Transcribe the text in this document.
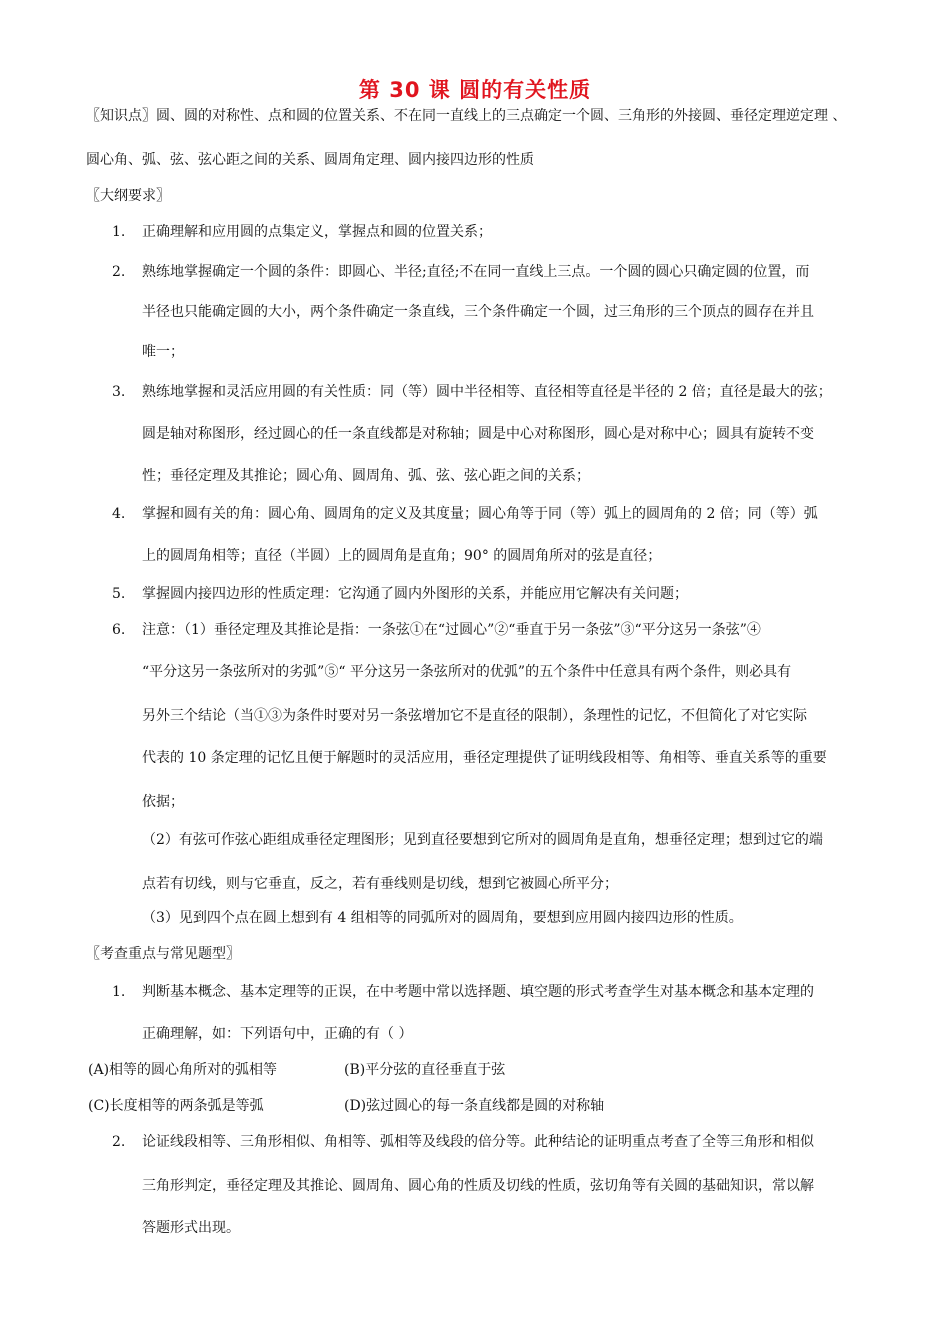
第 30 课 圆的有关性质
〖知识点〗圆、圆的对称性、点和圆的位置关系、不在同一直线上的三点确定一个圆、三角形的外接圆、垂径定理逆定理 、
圆心角、弧、弦、弦心距之间的关系、圆周角定理、圆内接四边形的性质
〖大纲要求〗
1.	正确理解和应用圆的点集定义，掌握点和圆的位置关系；
2.	熟练地掌握确定一个圆的条件：即圆心、半径;直径;不在同一直线上三点。一个圆的圆心只确定圆的位置，而
半径也只能确定圆的大小，两个条件确定一条直线，三个条件确定一个圆，过三角形的三个顶点的圆存在并且
唯一；
3.	熟练地掌握和灵活应用圆的有关性质：同（等）圆中半径相等、直径相等直径是半径的 2 倍；直径是最大的弦；
圆是轴对称图形，经过圆心的任一条直线都是对称轴；圆是中心对称图形，圆心是对称中心；圆具有旋转不变
性；垂径定理及其推论；圆心角、圆周角、弧、弦、弦心距之间的关系；
4.	掌握和圆有关的角：圆心角、圆周角的定义及其度量；圆心角等于同（等）弧上的圆周角的 2 倍；同（等）弧
上的圆周角相等；直径（半圆）上的圆周角是直角；90° 的圆周角所对的弦是直径；
5.	掌握圆内接四边形的性质定理：它沟通了圆内外图形的关系，并能应用它解决有关问题；
6.	注意：（1）垂径定理及其推论是指：一条弦①在“过圆心”②“垂直于另一条弦”③“平分这另一条弦”④
“平分这另一条弦所对的劣弧”⑤“ 平分这另一条弦所对的优弧”的五个条件中任意具有两个条件，则必具有
另外三个结论（当①③为条件时要对另一条弦增加它不是直径的限制），条理性的记忆，不但简化了对它实际
代表的 10 条定理的记忆且便于解题时的灵活应用，垂径定理提供了证明线段相等、角相等、垂直关系等的重要
依据；
（2）有弦可作弦心距组成垂径定理图形；见到直径要想到它所对的圆周角是直角，想垂径定理；想到过它的端
点若有切线，则与它垂直，反之，若有垂线则是切线，想到它被圆心所平分；
（3）见到四个点在圆上想到有 4 组相等的同弧所对的圆周角，要想到应用圆内接四边形的性质。
〖考查重点与常见题型〗
1.	判断基本概念、基本定理等的正误，在中考题中常以选择题、填空题的形式考查学生对基本概念和基本定理的
正确理解，如：下列语句中，正确的有（ ）
(A)相等的圆心角所对的弧相等	(B)平分弦的直径垂直于弦
(C)长度相等的两条弧是等弧	(D)弦过圆心的每一条直线都是圆的对称轴
2.	论证线段相等、三角形相似、角相等、弧相等及线段的倍分等。此种结论的证明重点考查了全等三角形和相似
三角形判定，垂径定理及其推论、圆周角、圆心角的性质及切线的性质，弦切角等有关圆的基础知识，常以解
答题形式出现。
